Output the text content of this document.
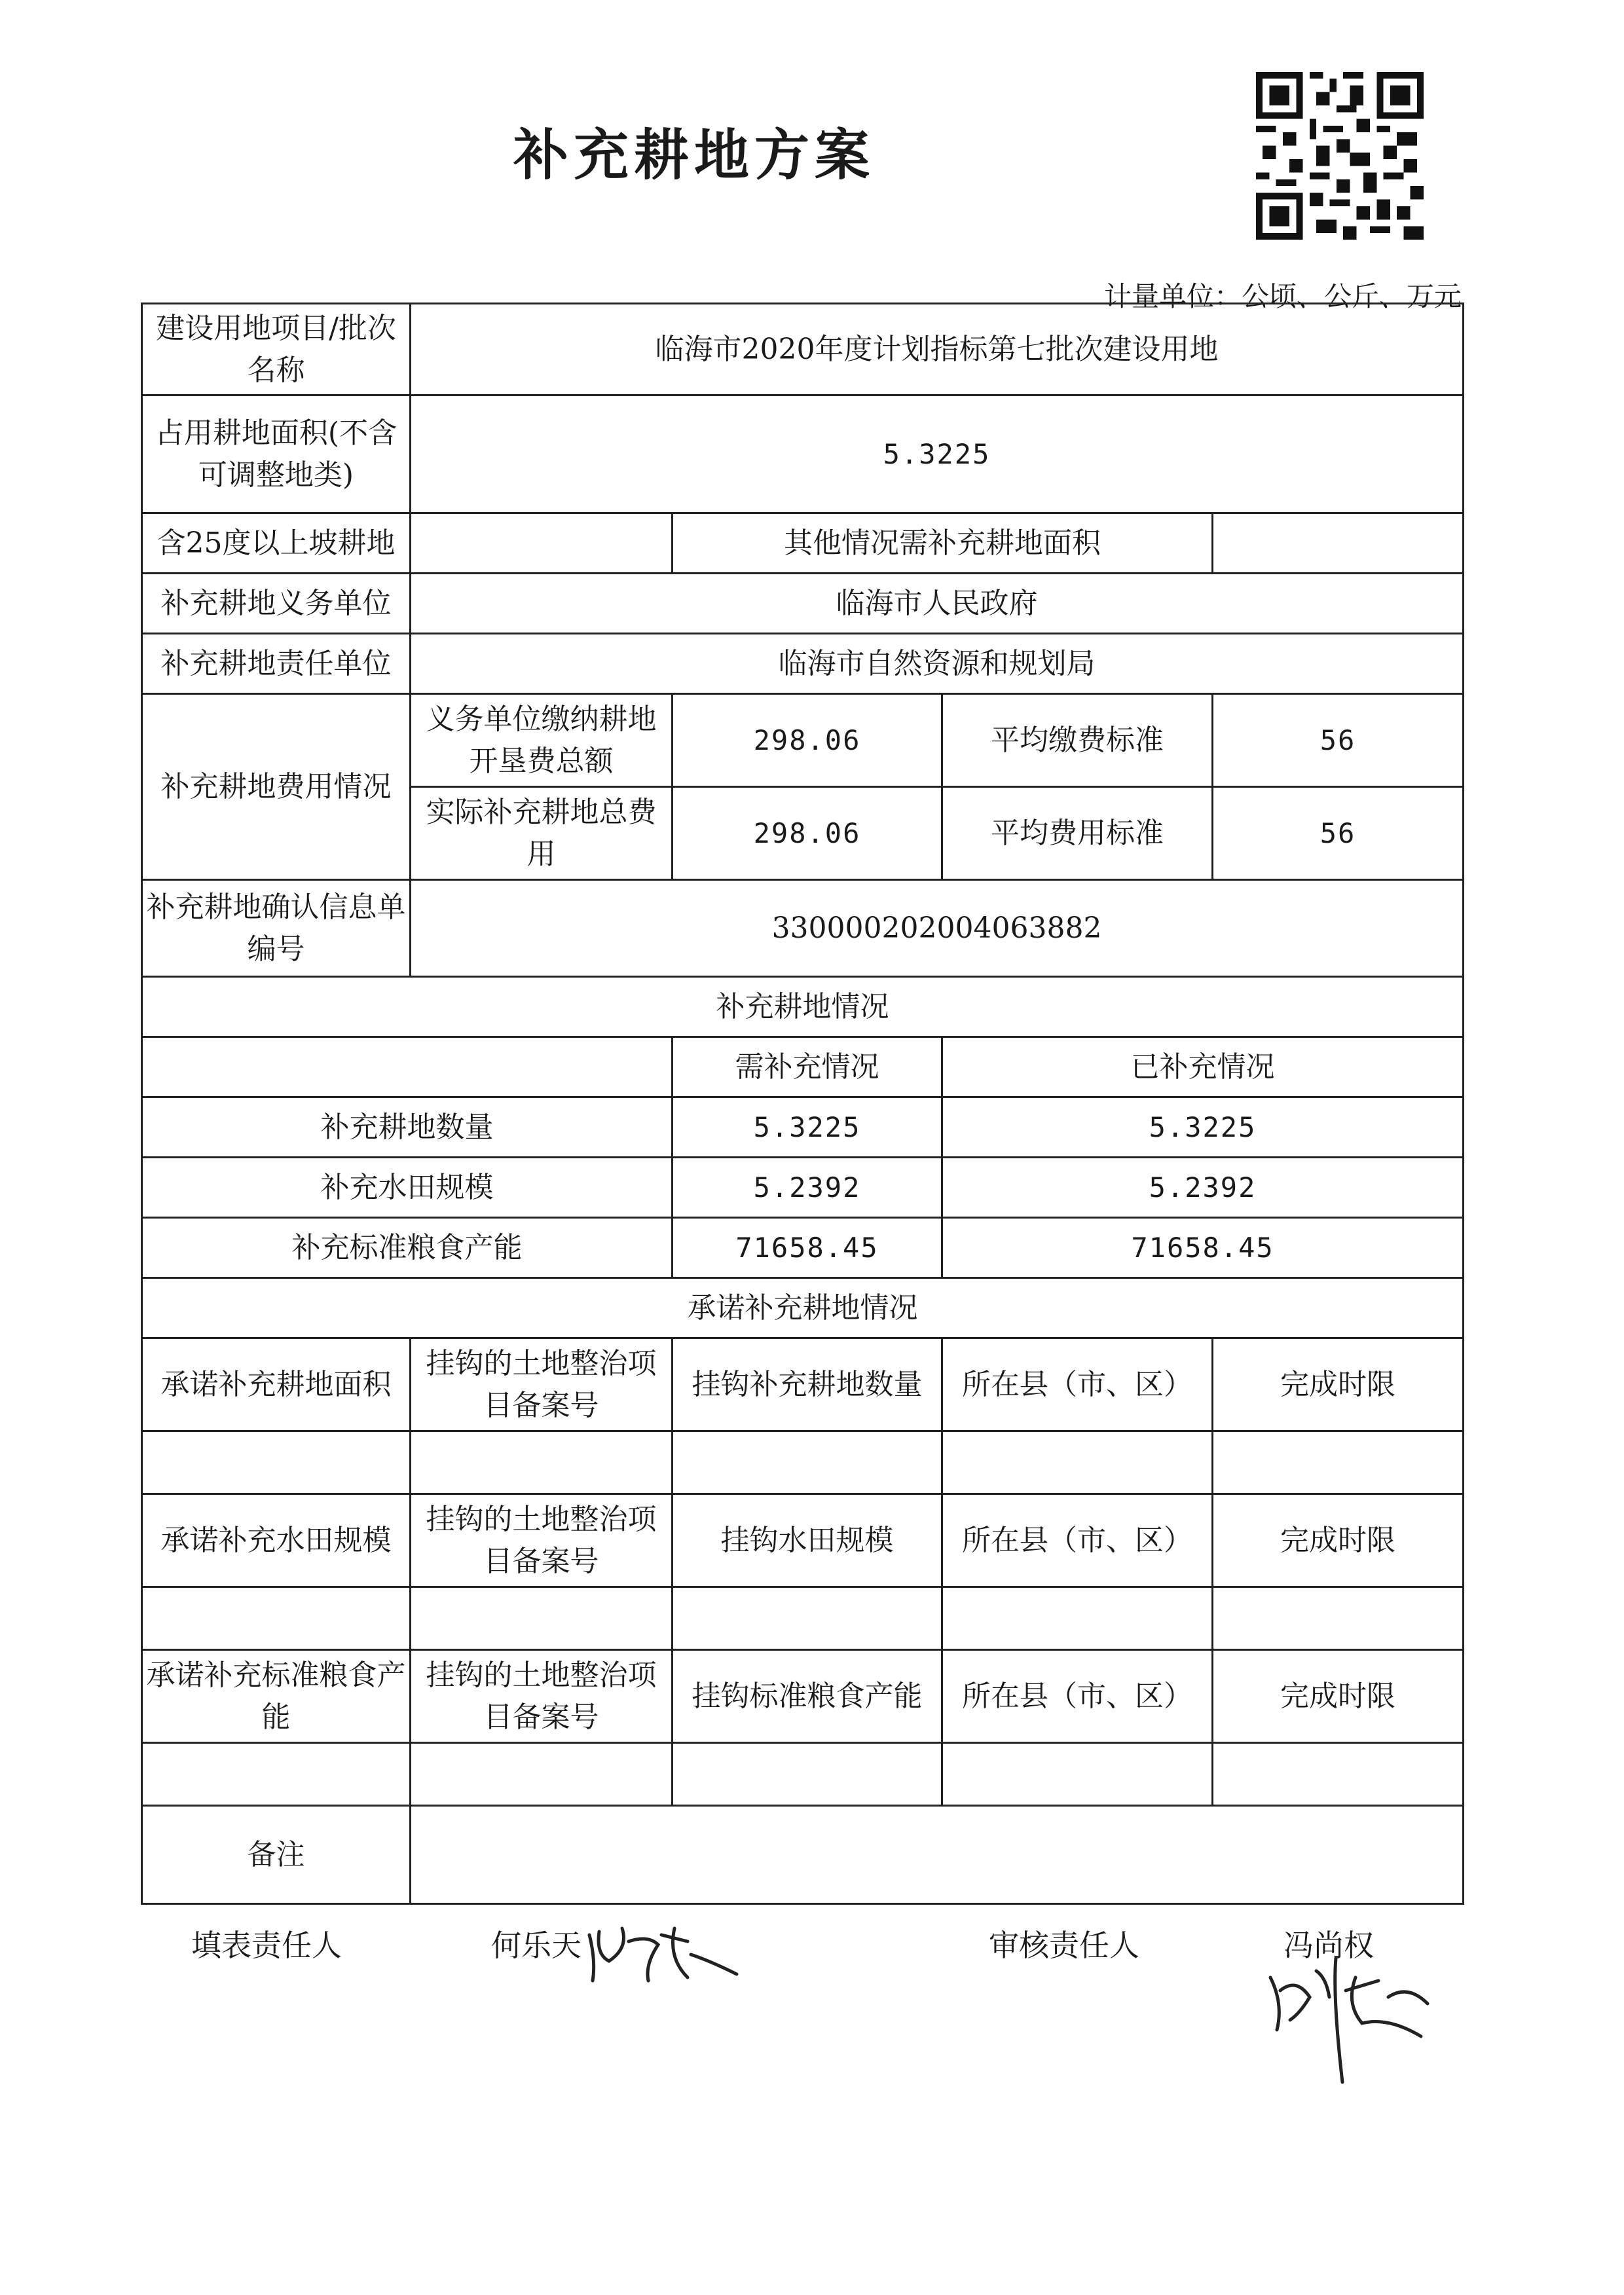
补充耕地方案
计量单位：公顷、公斤、万元
建设用地项目/批次名称	临海市2020年度计划指标第七批次建设用地			
占用耕地面积(不含可调整地类)	5.3225			
含25度以上坡耕地		其他情况需补充耕地面积		
补充耕地义务单位	临海市人民政府			
补充耕地责任单位	临海市自然资源和规划局			
补充耕地费用情况	义务单位缴纳耕地开垦费总额	298.06	平均缴费标准	56
	实际补充耕地总费用	298.06	平均费用标准	56
补充耕地确认信息单编号	330000202004063882			
补充耕地情况				
		需补充情况	已补充情况	
补充耕地数量		5.3225	5.3225	
补充水田规模		5.2392	5.2392	
补充标准粮食产能		71658.45	71658.45	
承诺补充耕地情况				
承诺补充耕地面积	挂钩的土地整治项目备案号	挂钩补充耕地数量	所在县（市、区）	完成时限

承诺补充水田规模	挂钩的土地整治项目备案号	挂钩水田规模	所在县（市、区）	完成时限

承诺补充标准粮食产能	挂钩的土地整治项目备案号	挂钩标准粮食产能	所在县（市、区）	完成时限

备注				
填表责任人	何乐天	审核责任人	冯尚权
